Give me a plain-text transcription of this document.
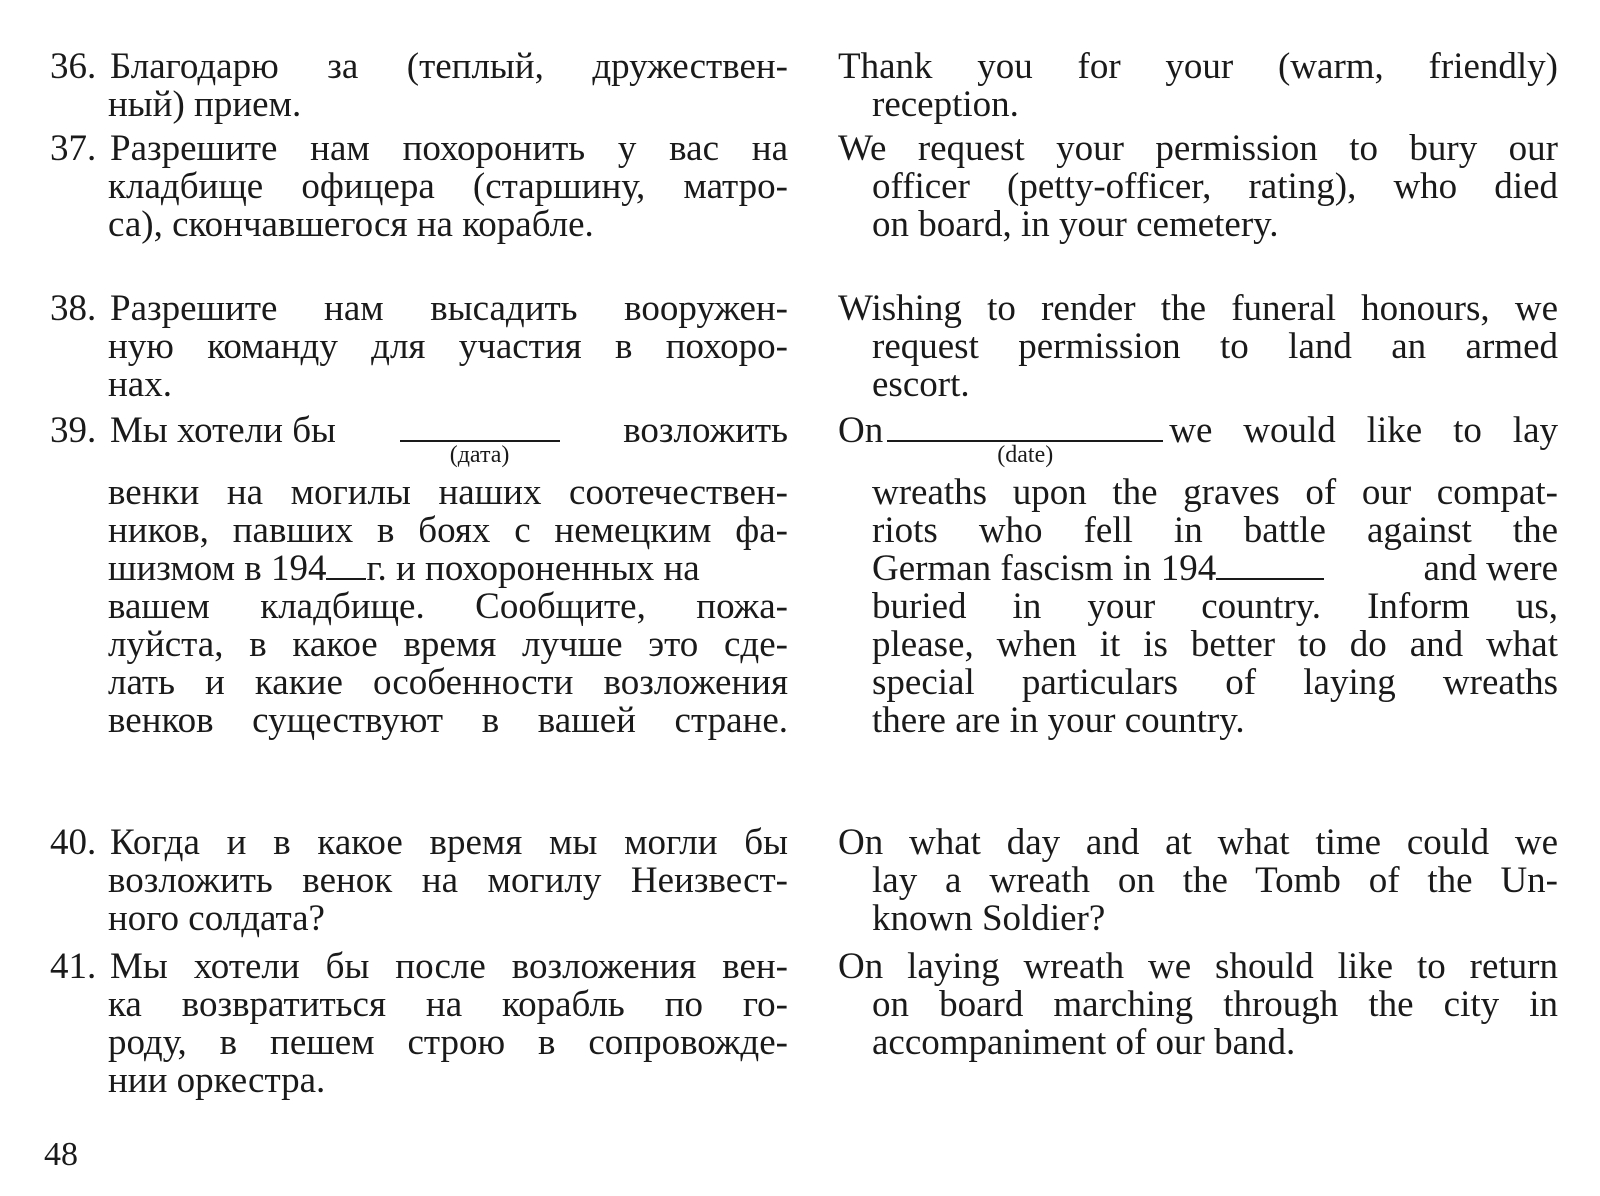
36. Благодарю за (теплый, дружествен-
ный) прием.
37. Разрешите нам похоронить у вас на
кладбище офицера (старшину, матро-
са), скончавшегося на корабле.
38. Разрешите нам высадить вооружен-
ную команду для участия в похоро-
нах.
39. Мы хотели бы
(дата)
возложить
венки на могилы наших соотечествен-
ников, павших в боях с немецким фа-
шизмом в 194 г. и похороненных на
вашем кладбище. Сообщите, пожа-
луйста, в какое время лучше это сде-
лать и какие особенности возложения
венков существуют в вашей стране.
40. Когда и в какое время мы могли бы
возложить венок на могилу Неизвест-
ного солдата?
41. Мы хотели бы после возложения вен-
ка возвратиться на корабль по го-
роду, в пешем строю в сопровожде-
нии оркестра.
Thank you for your (warm, friendly)
reception.
We request your permission to bury our
officer (petty-officer, rating), who died
on board, in your cemetery.
Wishing to render the funeral honours, we
request permission to land an armed
escort.
On
(date)
we would like to lay
wreaths upon the graves of our compat-
riots who fell in battle against the
German fascism in 194	and were
buried in your country. Inform us,
please, when it is better to do and what
special particulars of laying wreaths
there are in your country.
On what day and at what time could we
lay a wreath on the Tomb of the Un-
known Soldier?
On laying wreath we should like to return
on board marching through the city in
accompaniment of our band.

48
